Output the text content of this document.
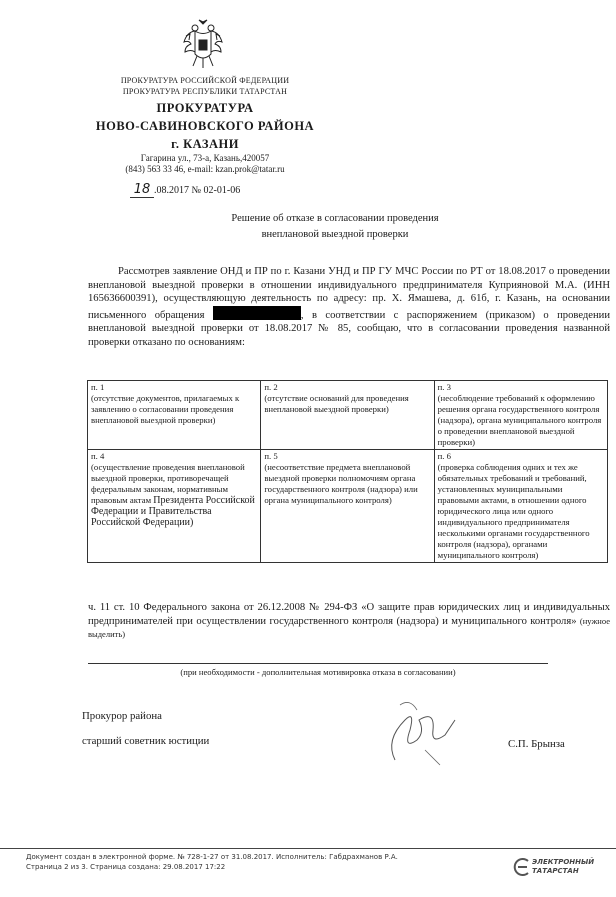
ПРОКУРАТУРА РОССИЙСКОЙ ФЕДЕРАЦИИ
ПРОКУРАТУРА РЕСПУБЛИКИ ТАТАРСТАН
ПРОКУРАТУРА
НОВО-САВИНОВСКОГО РАЙОНА
г. КАЗАНИ
Гагарина ул., 73-а, Казань,420057
(843) 563 33 46, e-mail: kzan.prok@tatar.ru
18 .08.2017 № 02-01-06
Решение об отказе в согласовании проведения
внеплановой выездной проверки
Рассмотрев заявление ОНД и ПР по г. Казани УНД и ПР ГУ МЧС России по РТ от 18.08.2017 о проведении внеплановой выездной проверки в отношении индивидуального предпринимателя Куприяновой М.А. (ИНН 165636600391), осуществляющую деятельность по адресу: пр. Х. Ямашева, д. 61б, г. Казань, на основании письменного обращения	, в соответствии с распоряжением (приказом) о проведении внеплановой выездной проверки от 18.08.2017 № 85, сообщаю, что в согласовании проведения названной проверки отказано по основаниям:
п. 1
(отсутствие документов, прилагаемых к заявлению о согласовании проведения внеплановой выездной проверки)	п. 2
(отсутствие оснований для проведения внеплановой выездной проверки)	п. 3
(несоблюдение требований к оформлению решения органа государственного контроля (надзора), органа муниципального контроля о проведении внеплановой выездной проверки)

п. 4
(осуществление проведения внеплановой выездной проверки, противоречащей федеральным законам, нормативным правовым актам Президента Российской Федерации и Правительства Российской Федерации)	п. 5
(несоответствие предмета внеплановой выездной проверки полномочиям органа государственного контроля (надзора) или органа муниципального контроля)	п. 6
(проверка соблюдения одних и тех же обязательных требований и требований, установленных муниципальными правовыми актами, в отношении одного юридического лица или одного индивидуального предпринимателя несколькими органами государственного контроля (надзора), органами муниципального контроля)
ч. 11 ст. 10 Федерального закона от 26.12.2008 № 294-ФЗ «О защите прав юридических лиц и индивидуальных предпринимателей при осуществлении государственного контроля (надзора) и муниципального контроля» (нужное выделить)
(при необходимости - дополнительная мотивировка отказа в согласовании)
Прокурор района
старший советник юстиции	С.П. Брынза
Документ создан в электронной форме. № 728-1-27 от 31.08.2017. Исполнитель: Габдрахманов Р.А.
Страница 2 из 3. Страница создана: 29.08.2017 17:22
ЭЛЕКТРОННЫЙ
ТАТАРСТАН
